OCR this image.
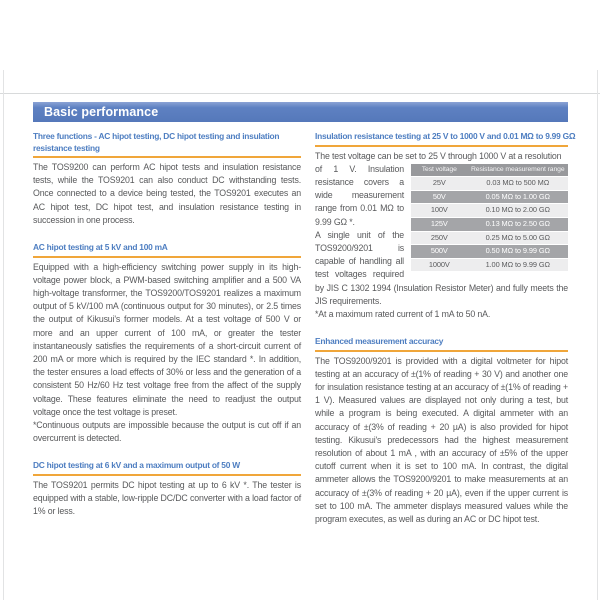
Basic performance
Three functions - AC hipot testing, DC hipot testing and insulation resistance testing

The TOS9200 can perform AC hipot tests and insulation resistance tests, while the TOS9201 can also conduct DC withstanding tests. Once connected to a device being tested, the TOS9201 executes an AC hipot test, DC hipot test, and insulation resistance testing in succession in one process.

AC hipot testing at 5 kV and 100 mA

Equipped with a high-efficiency switching power supply in its high-voltage power block, a PWM-based switching amplifier and a 500 VA high-voltage transformer, the TOS9200/TOS9201 realizes a maximum output of 5 kV/100 mA (continuous output for 30 minutes), or 2.5 times the output of Kikusui's former models. At a test voltage of 500 V or more and an upper current of 100 mA, or greater the tester instantaneously satisfies the requirements of a short-circuit current of 200 mA or more which is required by the IEC standard *. In addition, the tester ensures a load effects of 30% or less and the generation of a consistent 50 Hz/60 Hz test voltage free from the affect of the supply voltage. These features eliminate the need to readjust the output voltage once the test voltage is preset.

*Continuous outputs are impossible because the output is cut off if an overcurrent is detected.

DC hipot testing at 6 kV and a maximum output of 50 W

The TOS9201 permits DC hipot testing at up to 6 kV *. The tester is equipped with a stable, low-ripple DC/DC converter with a load factor of 1% or less.

Insulation resistance testing at 25 V to 1000 V and 0.01 MΩ to 9.99 GΩ

The test voltage can be set to 25 V through 1000 V at a resolution

Test voltage	Resistance measurement range
25V	0.03 MΩ to 500 MΩ
50V	0.05 MΩ to 1.00 GΩ
100V	0.10 MΩ to 2.00 GΩ
125V	0.13 MΩ to 2.50 GΩ
250V	0.25 MΩ to 5.00 GΩ
500V	0.50 MΩ to 9.99 GΩ
1000V	1.00 MΩ to 9.99 GΩ

of 1 V. Insulation resistance covers a wide measurement range from 0.01 MΩ to 9.99 GΩ *.

A single unit of the TOS9200/9201 is capable of handling all test voltages required by JIS C 1302 1994 (Insulation Resistor Meter) and fully meets the JIS requirements.

*At a maximum rated current of 1 mA to 50 nA.

Enhanced measurement accuracy

The TOS9200/9201 is provided with a digital voltmeter for hipot testing at an accuracy of ±(1% of reading + 30 V) and another one for insulation resistance testing at an accuracy of ±(1% of reading + 1 V). Measured values are displayed not only during a test, but while a program is being executed. A digital ammeter with an accuracy of ±(3% of reading + 20 µA) is also provided for hipot testing. Kikusui's predecessors had the highest measurement resolution of about 1 mA , with an accuracy of ±5% of the upper cutoff current when it is set to 100 mA. In contrast, the digital ammeter allows the TOS9200/9201 to make measurements at an accuracy of ±(3% of reading + 20 µA), even if the upper current is set to 100 mA. The ammeter displays measured values while the program executes, as well as during an AC or DC hipot test.
